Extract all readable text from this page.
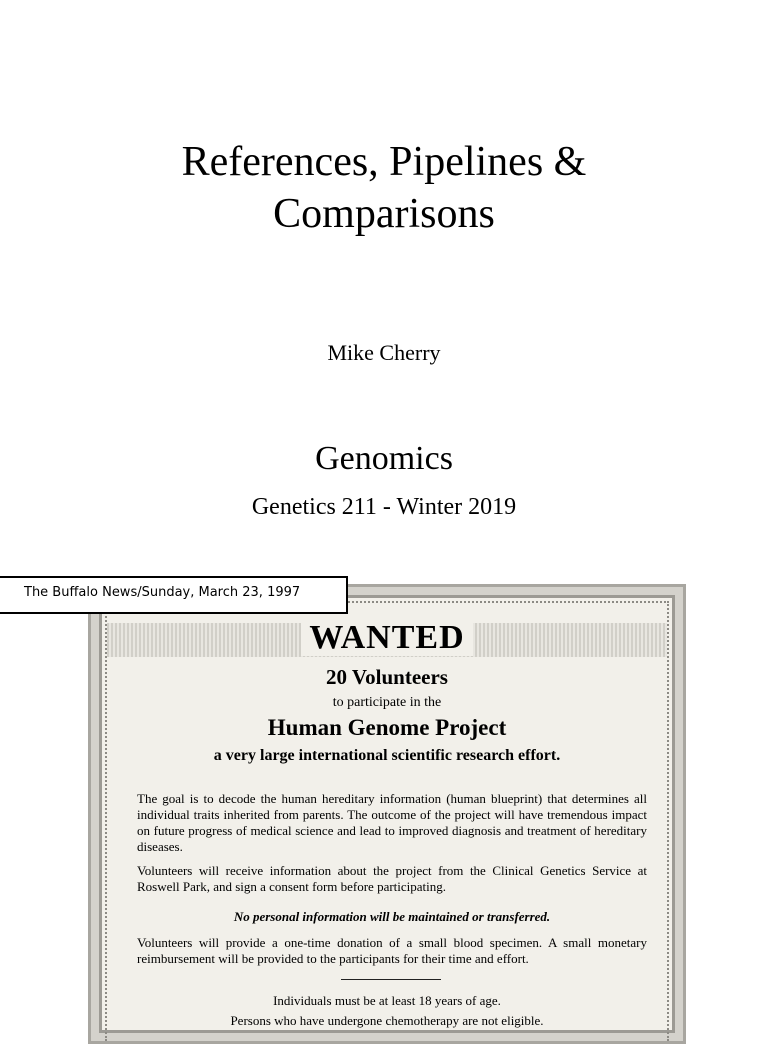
References, Pipelines &
Comparisons
Mike Cherry
Genomics
Genetics 211 - Winter 2019
WANTED
20 Volunteers
to participate in the
Human Genome Project
a very large international scientific research effort.
The goal is to decode the human hereditary information (human blueprint) that determines all individual traits inherited from parents. The outcome of the project will have tremendous impact on future progress of medical science and lead to improved diagnosis and treatment of hereditary diseases.
Volunteers will receive information about the project from the Clinical Genetics Service at Roswell Park, and sign a consent form before participating.
No personal information will be maintained or transferred.
Volunteers will provide a one-time donation of a small blood specimen. A small monetary reimbursement will be provided to the participants for their time and effort.
Individuals must be at least 18 years of age.
Persons who have undergone chemotherapy are not eligible.
The Buffalo News/Sunday, March 23, 1997
